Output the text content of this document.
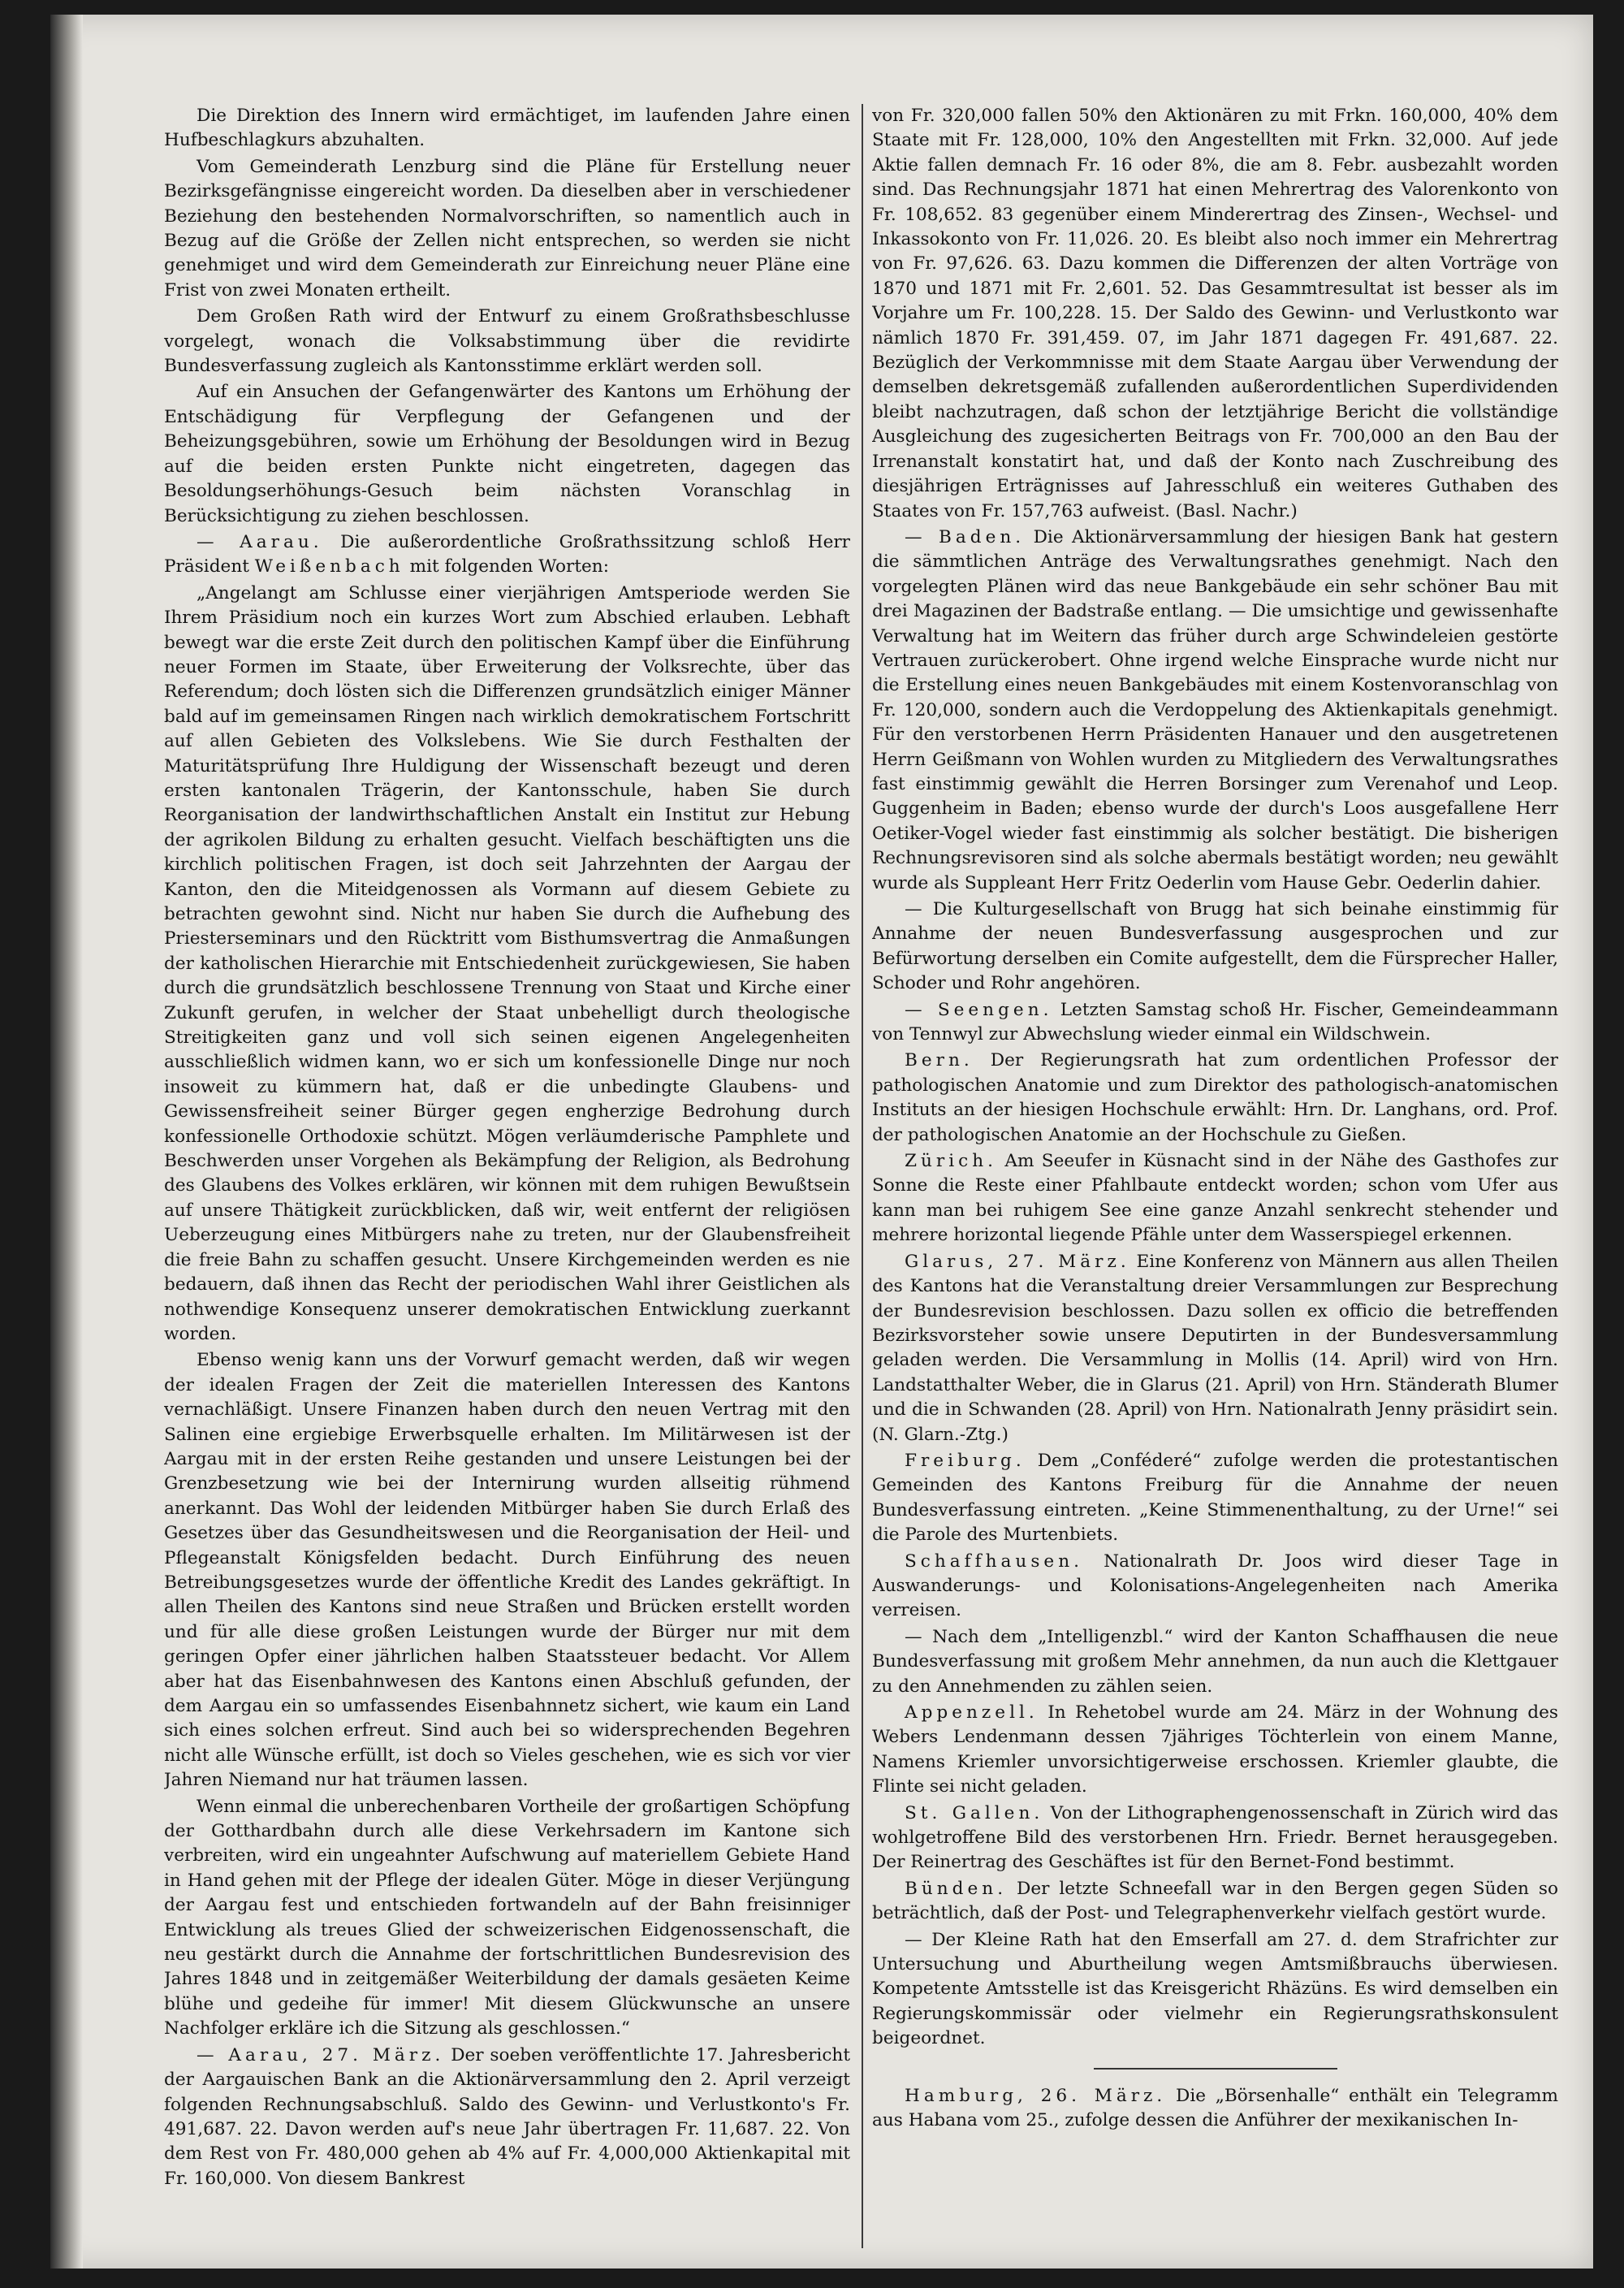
Die Direktion des Innern wird ermächtiget, im laufenden Jahre einen Hufbeschlagkurs abzuhalten.

Vom Gemeinderath Lenzburg sind die Pläne für Erstellung neuer Bezirksgefängnisse eingereicht worden. Da dieselben aber in verschiedener Beziehung den bestehenden Normalvorschriften, so namentlich auch in Bezug auf die Größe der Zellen nicht entsprechen, so werden sie nicht genehmiget und wird dem Gemeinderath zur Einreichung neuer Pläne eine Frist von zwei Monaten ertheilt.

Dem Großen Rath wird der Entwurf zu einem Großrathsbeschlusse vorgelegt, wonach die Volksabstimmung über die revidirte Bundesverfassung zugleich als Kantonsstimme erklärt werden soll.

Auf ein Ansuchen der Gefangenwärter des Kantons um Erhöhung der Entschädigung für Verpflegung der Gefangenen und der Beheizungsgebühren, sowie um Erhöhung der Besoldungen wird in Bezug auf die beiden ersten Punkte nicht eingetreten, dagegen das Besoldungserhöhungs-Gesuch beim nächsten Voranschlag in Berücksichtigung zu ziehen beschlossen.

— Aarau. Die außerordentliche Großrathssitzung schloß Herr Präsident Weißenbach mit folgenden Worten:

„Angelangt am Schlusse einer vierjährigen Amtsperiode werden Sie Ihrem Präsidium noch ein kurzes Wort zum Abschied erlauben. Lebhaft bewegt war die erste Zeit durch den politischen Kampf über die Einführung neuer Formen im Staate, über Erweiterung der Volksrechte, über das Referendum; doch lösten sich die Differenzen grundsätzlich einiger Männer bald auf im gemeinsamen Ringen nach wirklich demokratischem Fortschritt auf allen Gebieten des Volkslebens. Wie Sie durch Festhalten der Maturitätsprüfung Ihre Huldigung der Wissenschaft bezeugt und deren ersten kantonalen Trägerin, der Kantonsschule, haben Sie durch Reorganisation der landwirthschaftlichen Anstalt ein Institut zur Hebung der agrikolen Bildung zu erhalten gesucht. Vielfach beschäftigten uns die kirchlich politischen Fragen, ist doch seit Jahrzehnten der Aargau der Kanton, den die Miteidgenossen als Vormann auf diesem Gebiete zu betrachten gewohnt sind. Nicht nur haben Sie durch die Aufhebung des Priesterseminars und den Rücktritt vom Bisthumsvertrag die Anmaßungen der katholischen Hierarchie mit Entschiedenheit zurückgewiesen, Sie haben durch die grundsätzlich beschlossene Trennung von Staat und Kirche einer Zukunft gerufen, in welcher der Staat unbehelligt durch theologische Streitigkeiten ganz und voll sich seinen eigenen Angelegenheiten ausschließlich widmen kann, wo er sich um konfessionelle Dinge nur noch insoweit zu kümmern hat, daß er die unbedingte Glaubens- und Gewissensfreiheit seiner Bürger gegen engherzige Bedrohung durch konfessionelle Orthodoxie schützt. Mögen verläumderische Pamphlete und Beschwerden unser Vorgehen als Bekämpfung der Religion, als Bedrohung des Glaubens des Volkes erklären, wir können mit dem ruhigen Bewußtsein auf unsere Thätigkeit zurückblicken, daß wir, weit entfernt der religiösen Ueberzeugung eines Mitbürgers nahe zu treten, nur der Glaubensfreiheit die freie Bahn zu schaffen gesucht. Unsere Kirchgemeinden werden es nie bedauern, daß ihnen das Recht der periodischen Wahl ihrer Geistlichen als nothwendige Konsequenz unserer demokratischen Entwicklung zuerkannt worden.

Ebenso wenig kann uns der Vorwurf gemacht werden, daß wir wegen der idealen Fragen der Zeit die materiellen Interessen des Kantons vernachläßigt. Unsere Finanzen haben durch den neuen Vertrag mit den Salinen eine ergiebige Erwerbsquelle erhalten. Im Militärwesen ist der Aargau mit in der ersten Reihe gestanden und unsere Leistungen bei der Grenzbesetzung wie bei der Internirung wurden allseitig rühmend anerkannt. Das Wohl der leidenden Mitbürger haben Sie durch Erlaß des Gesetzes über das Gesundheitswesen und die Reorganisation der Heil- und Pflegeanstalt Königsfelden bedacht. Durch Einführung des neuen Betreibungsgesetzes wurde der öffentliche Kredit des Landes gekräftigt. In allen Theilen des Kantons sind neue Straßen und Brücken erstellt worden und für alle diese großen Leistungen wurde der Bürger nur mit dem geringen Opfer einer jährlichen halben Staatssteuer bedacht. Vor Allem aber hat das Eisenbahnwesen des Kantons einen Abschluß gefunden, der dem Aargau ein so umfassendes Eisenbahnnetz sichert, wie kaum ein Land sich eines solchen erfreut. Sind auch bei so widersprechenden Begehren nicht alle Wünsche erfüllt, ist doch so Vieles geschehen, wie es sich vor vier Jahren Niemand nur hat träumen lassen.

Wenn einmal die unberechenbaren Vortheile der großartigen Schöpfung der Gotthardbahn durch alle diese Verkehrsadern im Kantone sich verbreiten, wird ein ungeahnter Aufschwung auf materiellem Gebiete Hand in Hand gehen mit der Pflege der idealen Güter. Möge in dieser Verjüngung der Aargau fest und entschieden fortwandeln auf der Bahn freisinniger Entwicklung als treues Glied der schweizerischen Eidgenossenschaft, die neu gestärkt durch die Annahme der fortschrittlichen Bundesrevision des Jahres 1848 und in zeitgemäßer Weiterbildung der damals gesäeten Keime blühe und gedeihe für immer! Mit diesem Glückwunsche an unsere Nachfolger erkläre ich die Sitzung als geschlossen.“

— Aarau, 27. März. Der soeben veröffentlichte 17. Jahresbericht der Aargauischen Bank an die Aktionärversammlung den 2. April verzeigt folgenden Rechnungsabschluß. Saldo des Gewinn- und Verlustkonto's Fr. 491,687. 22. Davon werden auf's neue Jahr übertragen Fr. 11,687. 22. Von dem Rest von Fr. 480,000 gehen ab 4% auf Fr. 4,000,000 Aktienkapital mit Fr. 160,000. Von diesem Bankrest

von Fr. 320,000 fallen 50% den Aktionären zu mit Frkn. 160,000, 40% dem Staate mit Fr. 128,000, 10% den Angestellten mit Frkn. 32,000. Auf jede Aktie fallen demnach Fr. 16 oder 8%, die am 8. Febr. ausbezahlt worden sind. Das Rechnungsjahr 1871 hat einen Mehrertrag des Valorenkonto von Fr. 108,652. 83 gegenüber einem Minderertrag des Zinsen-, Wechsel- und Inkassokonto von Fr. 11,026. 20. Es bleibt also noch immer ein Mehrertrag von Fr. 97,626. 63. Dazu kommen die Differenzen der alten Vorträge von 1870 und 1871 mit Fr. 2,601. 52. Das Gesammtresultat ist besser als im Vorjahre um Fr. 100,228. 15. Der Saldo des Gewinn- und Verlustkonto war nämlich 1870 Fr. 391,459. 07, im Jahr 1871 dagegen Fr. 491,687. 22. Bezüglich der Verkommnisse mit dem Staate Aargau über Verwendung der demselben dekretsgemäß zufallenden außerordentlichen Superdividenden bleibt nachzutragen, daß schon der letztjährige Bericht die vollständige Ausgleichung des zugesicherten Beitrags von Fr. 700,000 an den Bau der Irrenanstalt konstatirt hat, und daß der Konto nach Zuschreibung des diesjährigen Erträgnisses auf Jahresschluß ein weiteres Guthaben des Staates von Fr. 157,763 aufweist. (Basl. Nachr.)

— Baden. Die Aktionärversammlung der hiesigen Bank hat gestern die sämmtlichen Anträge des Verwaltungsrathes genehmigt. Nach den vorgelegten Plänen wird das neue Bankgebäude ein sehr schöner Bau mit drei Magazinen der Badstraße entlang. — Die umsichtige und gewissenhafte Verwaltung hat im Weitern das früher durch arge Schwindeleien gestörte Vertrauen zurückerobert. Ohne irgend welche Einsprache wurde nicht nur die Erstellung eines neuen Bankgebäudes mit einem Kostenvoranschlag von Fr. 120,000, sondern auch die Verdoppelung des Aktienkapitals genehmigt. Für den verstorbenen Herrn Präsidenten Hanauer und den ausgetretenen Herrn Geißmann von Wohlen wurden zu Mitgliedern des Verwaltungsrathes fast einstimmig gewählt die Herren Borsinger zum Verenahof und Leop. Guggenheim in Baden; ebenso wurde der durch's Loos ausgefallene Herr Oetiker-Vogel wieder fast einstimmig als solcher bestätigt. Die bisherigen Rechnungsrevisoren sind als solche abermals bestätigt worden; neu gewählt wurde als Suppleant Herr Fritz Oederlin vom Hause Gebr. Oederlin dahier.

— Die Kulturgesellschaft von Brugg hat sich beinahe einstimmig für Annahme der neuen Bundesverfassung ausgesprochen und zur Befürwortung derselben ein Comite aufgestellt, dem die Fürsprecher Haller, Schoder und Rohr angehören.

— Seengen. Letzten Samstag schoß Hr. Fischer, Gemeindeammann von Tennwyl zur Abwechslung wieder einmal ein Wildschwein.

Bern. Der Regierungsrath hat zum ordentlichen Professor der pathologischen Anatomie und zum Direktor des pathologisch-anatomischen Instituts an der hiesigen Hochschule erwählt: Hrn. Dr. Langhans, ord. Prof. der pathologischen Anatomie an der Hochschule zu Gießen.

Zürich. Am Seeufer in Küsnacht sind in der Nähe des Gasthofes zur Sonne die Reste einer Pfahlbaute entdeckt worden; schon vom Ufer aus kann man bei ruhigem See eine ganze Anzahl senkrecht stehender und mehrere horizontal liegende Pfähle unter dem Wasserspiegel erkennen.

Glarus, 27. März. Eine Konferenz von Männern aus allen Theilen des Kantons hat die Veranstaltung dreier Versammlungen zur Besprechung der Bundesrevision beschlossen. Dazu sollen ex officio die betreffenden Bezirksvorsteher sowie unsere Deputirten in der Bundesversammlung geladen werden. Die Versammlung in Mollis (14. April) wird von Hrn. Landstatthalter Weber, die in Glarus (21. April) von Hrn. Ständerath Blumer und die in Schwanden (28. April) von Hrn. Nationalrath Jenny präsidirt sein. (N. Glarn.-Ztg.)

Freiburg. Dem „Conféderé“ zufolge werden die protestantischen Gemeinden des Kantons Freiburg für die Annahme der neuen Bundesverfassung eintreten. „Keine Stimmenenthaltung, zu der Urne!“ sei die Parole des Murtenbiets.

Schaffhausen. Nationalrath Dr. Joos wird dieser Tage in Auswanderungs- und Kolonisations-Angelegenheiten nach Amerika verreisen.

— Nach dem „Intelligenzbl.“ wird der Kanton Schaffhausen die neue Bundesverfassung mit großem Mehr annehmen, da nun auch die Klettgauer zu den Annehmenden zu zählen seien.

Appenzell. In Rehetobel wurde am 24. März in der Wohnung des Webers Lendenmann dessen 7jähriges Töchterlein von einem Manne, Namens Kriemler unvorsichtigerweise erschossen. Kriemler glaubte, die Flinte sei nicht geladen.

St. Gallen. Von der Lithographengenossenschaft in Zürich wird das wohlgetroffene Bild des verstorbenen Hrn. Friedr. Bernet herausgegeben. Der Reinertrag des Geschäftes ist für den Bernet-Fond bestimmt.

Bünden. Der letzte Schneefall war in den Bergen gegen Süden so beträchtlich, daß der Post- und Telegraphenverkehr vielfach gestört wurde.

— Der Kleine Rath hat den Emserfall am 27. d. dem Strafrichter zur Untersuchung und Aburtheilung wegen Amtsmißbrauchs überwiesen. Kompetente Amtsstelle ist das Kreisgericht Rhäzüns. Es wird demselben ein Regierungskommissär oder vielmehr ein Regierungsrathskonsulent beigeordnet.

Hamburg, 26. März. Die „Börsenhalle“ enthält ein Telegramm aus Habana vom 25., zufolge dessen die Anführer der mexikanischen In-
